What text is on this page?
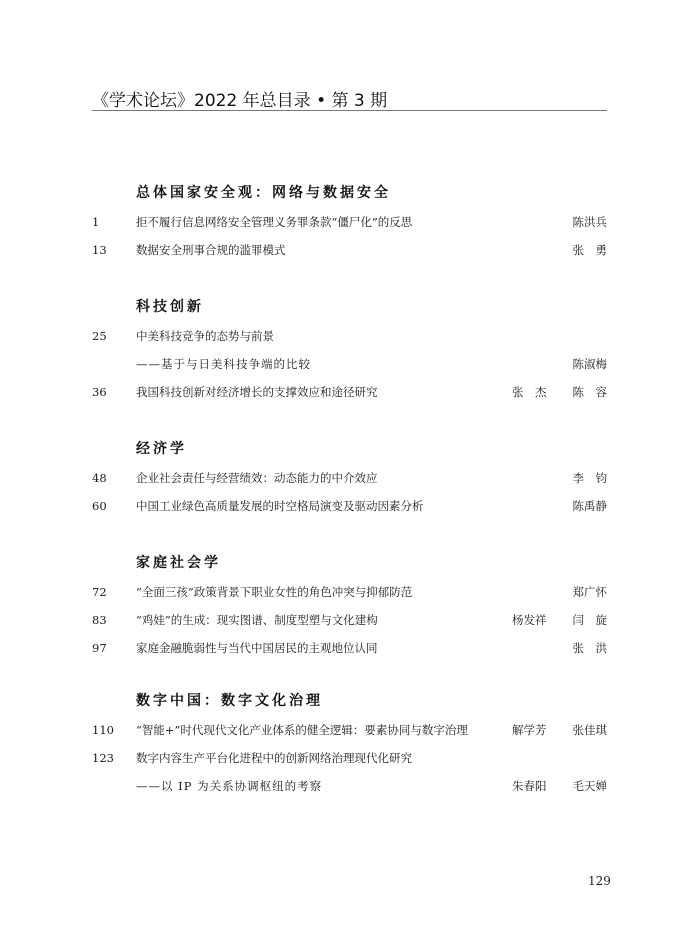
《学术论坛》2022 年总目录 • 第 3 期
总体国家安全观：网络与数据安全
1	拒不履行信息网络安全管理义务罪条款“僵尸化”的反思	陈洪兵
13	数据安全刑事合规的滥罪模式	张　勇
科技创新
25	中美科技竞争的态势与前景
——基于与日美科技争端的比较	陈淑梅
36	我国科技创新对经济增长的支撑效应和途径研究	张　杰 陈　容
经济学
48	企业社会责任与经营绩效：动态能力的中介效应	李　钧
60	中国工业绿色高质量发展的时空格局演变及驱动因素分析	陈禹静
家庭社会学
72	“全面三孩”政策背景下职业女性的角色冲突与抑郁防范	郑广怀
83	“鸡娃”的生成：现实图谱、制度型塑与文化建构	杨发祥 闫　旋
97	家庭金融脆弱性与当代中国居民的主观地位认同	张　洪
数字中国：数字文化治理
110	“智能+”时代现代文化产业体系的健全逻辑：要素协同与数字治理	解学芳 张佳琪
123	数字内容生产平台化进程中的创新网络治理现代化研究
——以 IP 为关系协调枢纽的考察	朱春阳 毛天婵
129
